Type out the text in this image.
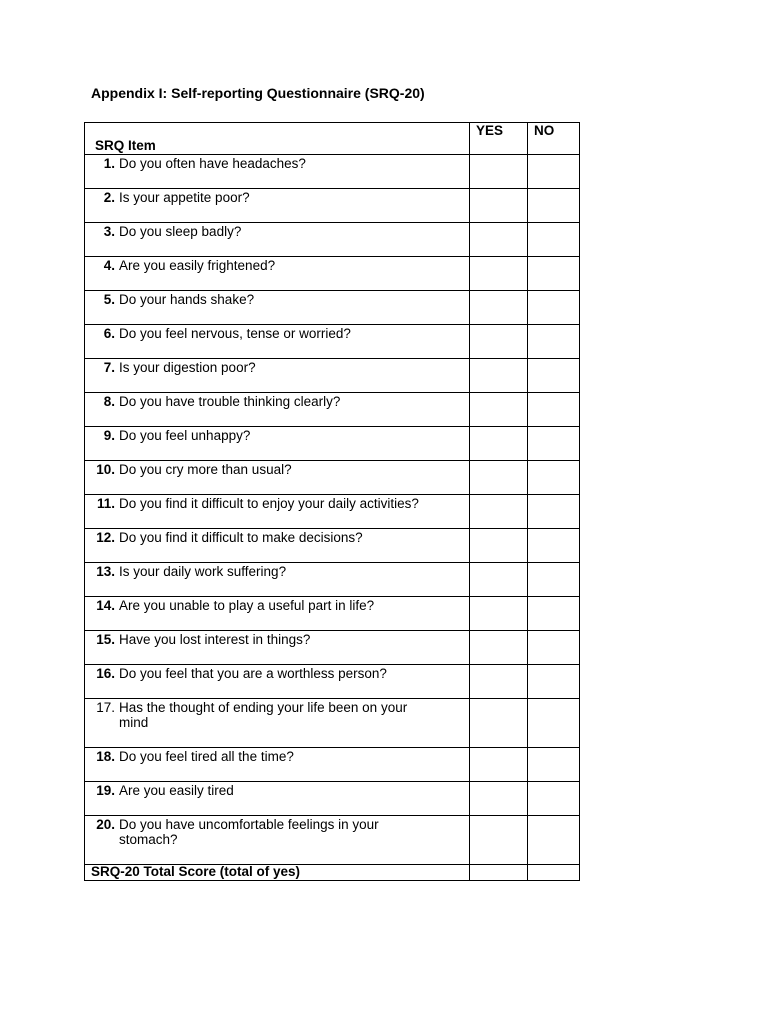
Appendix I: Self-reporting Questionnaire (SRQ-20)
SRQ Item	YES	NO
1. Do you often have headaches?		
2. Is your appetite poor?		
3. Do you sleep badly?		
4. Are you easily frightened?		
5. Do your hands shake?		
6. Do you feel nervous, tense or worried?		
7. Is your digestion poor?		
8. Do you have trouble thinking clearly?		
9. Do you feel unhappy?		
10. Do you cry more than usual?		
11. Do you find it difficult to enjoy your daily activities?		
12. Do you find it difficult to make decisions?		
13. Is your daily work suffering?		
14. Are you unable to play a useful part in life?		
15. Have you lost interest in things?		
16. Do you feel that you are a worthless person?		
17. Has the thought of ending your life been on your mind		
18. Do you feel tired all the time?		
19. Are you easily tired		
20. Do you have uncomfortable feelings in your stomach?		
SRQ-20 Total Score (total of yes)		
